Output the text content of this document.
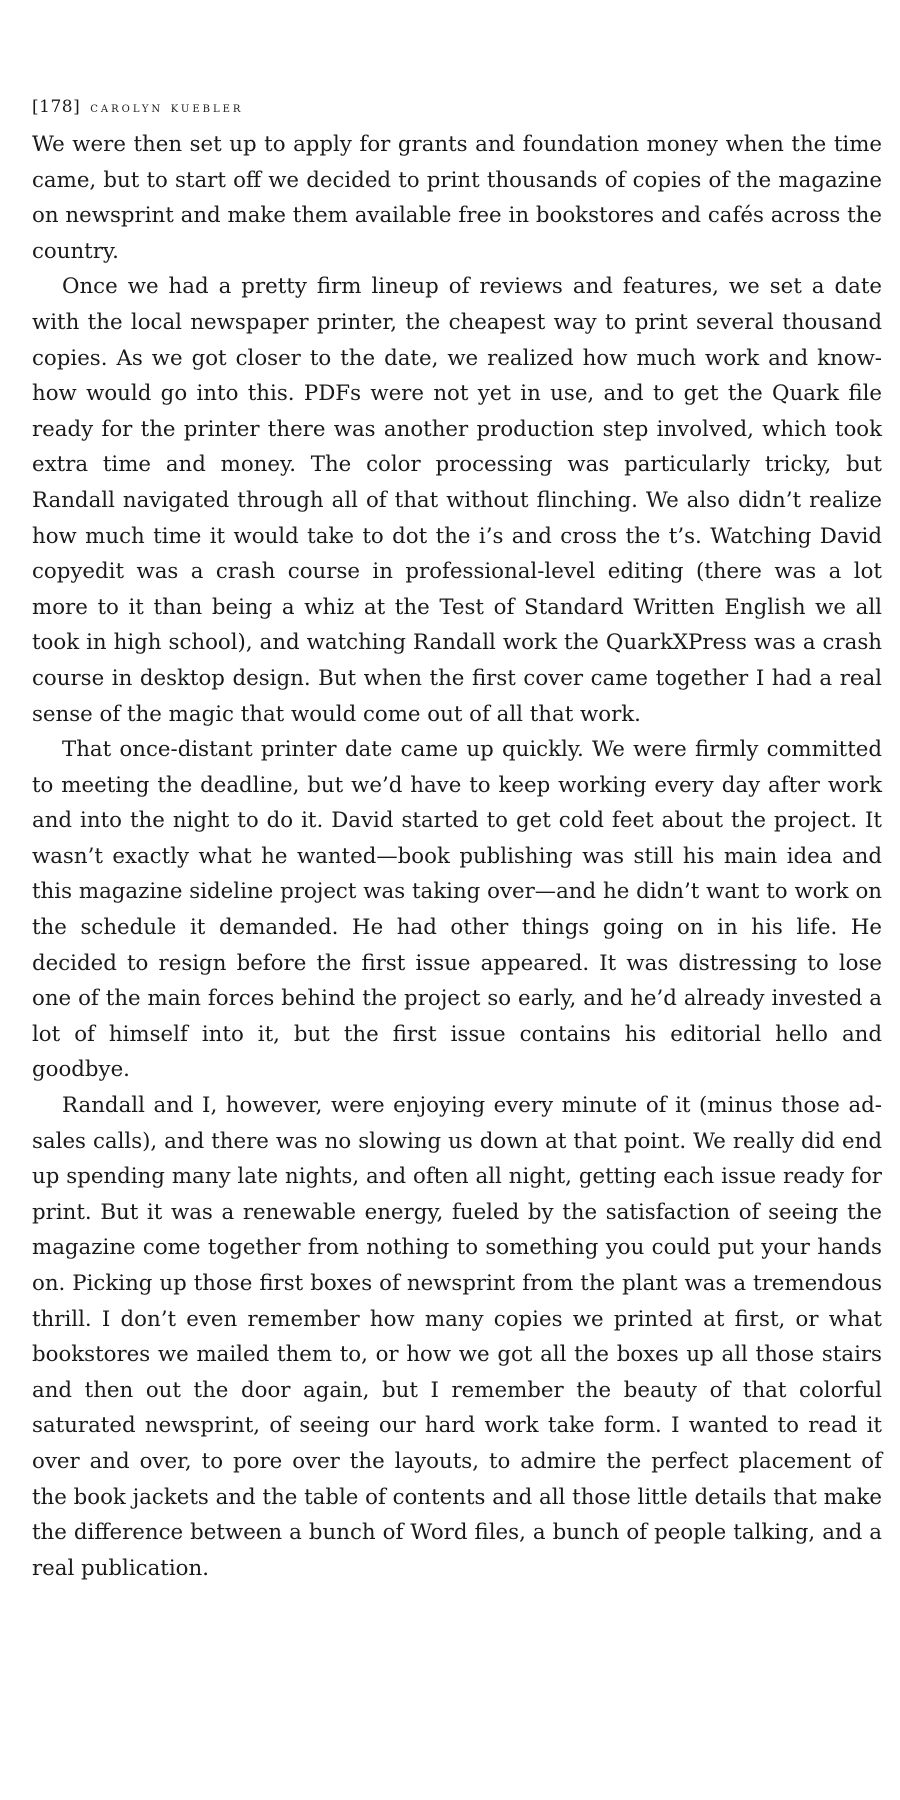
[178] carolyn kuebler

We were then set up to apply for grants and foundation money when the time came, but to start off we decided to print thousands of copies of the magazine on newsprint and make them available free in bookstores and cafés across the country.

Once we had a pretty firm lineup of reviews and features, we set a date with the local newspaper printer, the cheapest way to print several thousand copies. As we got closer to the date, we realized how much work and know-how would go into this. PDFs were not yet in use, and to get the Quark file ready for the printer there was another production step involved, which took extra time and money. The color processing was particularly tricky, but Randall navigated through all of that without flinching. We also didn’t realize how much time it would take to dot the i’s and cross the t’s. Watching David copyedit was a crash course in professional-level editing (there was a lot more to it than being a whiz at the Test of Standard Written English we all took in high school), and watching Randall work the QuarkXPress was a crash course in desktop design. But when the first cover came together I had a real sense of the magic that would come out of all that work.

That once-distant printer date came up quickly. We were firmly committed to meeting the deadline, but we’d have to keep working every day after work and into the night to do it. David started to get cold feet about the project. It wasn’t exactly what he wanted—book publishing was still his main idea and this magazine sideline project was taking over—and he didn’t want to work on the schedule it demanded. He had other things going on in his life. He decided to resign before the first issue appeared. It was distressing to lose one of the main forces behind the project so early, and he’d already invested a lot of himself into it, but the first issue contains his editorial hello and goodbye.

Randall and I, however, were enjoying every minute of it (minus those ad-sales calls), and there was no slowing us down at that point. We really did end up spending many late nights, and often all night, getting each issue ready for print. But it was a renewable energy, fueled by the satisfaction of seeing the magazine come together from nothing to something you could put your hands on. Picking up those first boxes of newsprint from the plant was a tremendous thrill. I don’t even remember how many copies we printed at first, or what bookstores we mailed them to, or how we got all the boxes up all those stairs and then out the door again, but I remember the beauty of that colorful saturated newsprint, of seeing our hard work take form. I wanted to read it over and over, to pore over the layouts, to admire the perfect placement of the book jackets and the table of contents and all those little details that make the difference between a bunch of Word files, a bunch of people talking, and a real publication.
